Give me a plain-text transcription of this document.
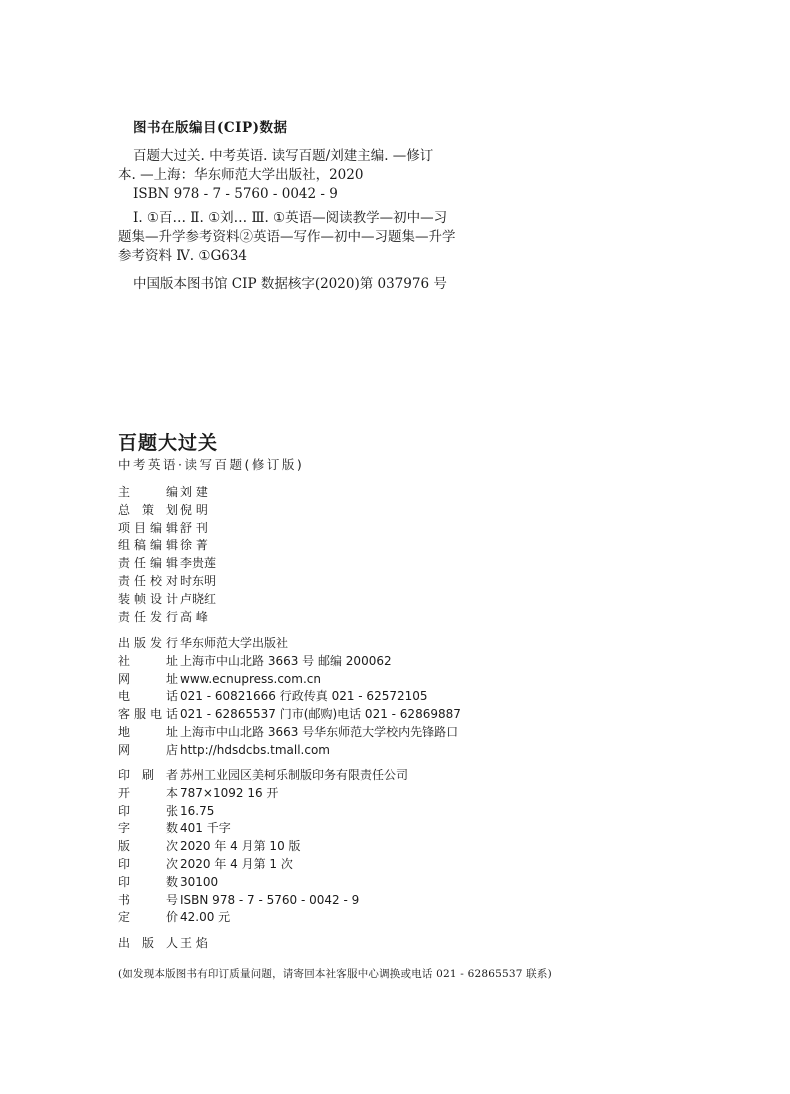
图书在版编目(CIP)数据

百题大过关. 中考英语. 读写百题/刘建主编. —修订

本. —上海：华东师范大学出版社，2020

ISBN 978 - 7 - 5760 - 0042 - 9

Ⅰ. ①百… Ⅱ. ①刘… Ⅲ. ①英语—阅读教学—初中—习

题集—升学参考资料②英语—写作—初中—习题集—升学

参考资料 Ⅳ. ①G634

中国版本图书馆 CIP 数据核字(2020)第 037976 号

百题大过关
中考英语·读写百题(修订版)
主	编 刘 建
总 策 划 倪 明
项 目 编 辑 舒 刊
组 稿 编 辑 徐 菁
责 任 编 辑 李贵莲
责 任 校 对 时东明
装 帧 设 计 卢晓红
责 任 发 行 高 峰
出 版 发 行 华东师范大学出版社
社	址 上海市中山北路 3663 号 邮编 200062
网	址 www.ecnupress.com.cn
电	话 021 - 60821666 行政传真 021 - 62572105
客 服 电 话 021 - 62865537 门市(邮购)电话 021 - 62869887
地	址 上海市中山北路 3663 号华东师范大学校内先锋路口
网	店 http://hdsdcbs.tmall.com
印 刷 者 苏州工业园区美柯乐制版印务有限责任公司
开	本 787×1092 16 开
印	张 16.75
字	数 401 千字
版	次 2020 年 4 月第 10 版
印	次 2020 年 4 月第 1 次
印	数 30100
书	号 ISBN 978 - 7 - 5760 - 0042 - 9
定	价 42.00 元
出 版 人 王 焰
(如发现本版图书有印订质量问题，请寄回本社客服中心调换或电话 021 - 62865537 联系)
